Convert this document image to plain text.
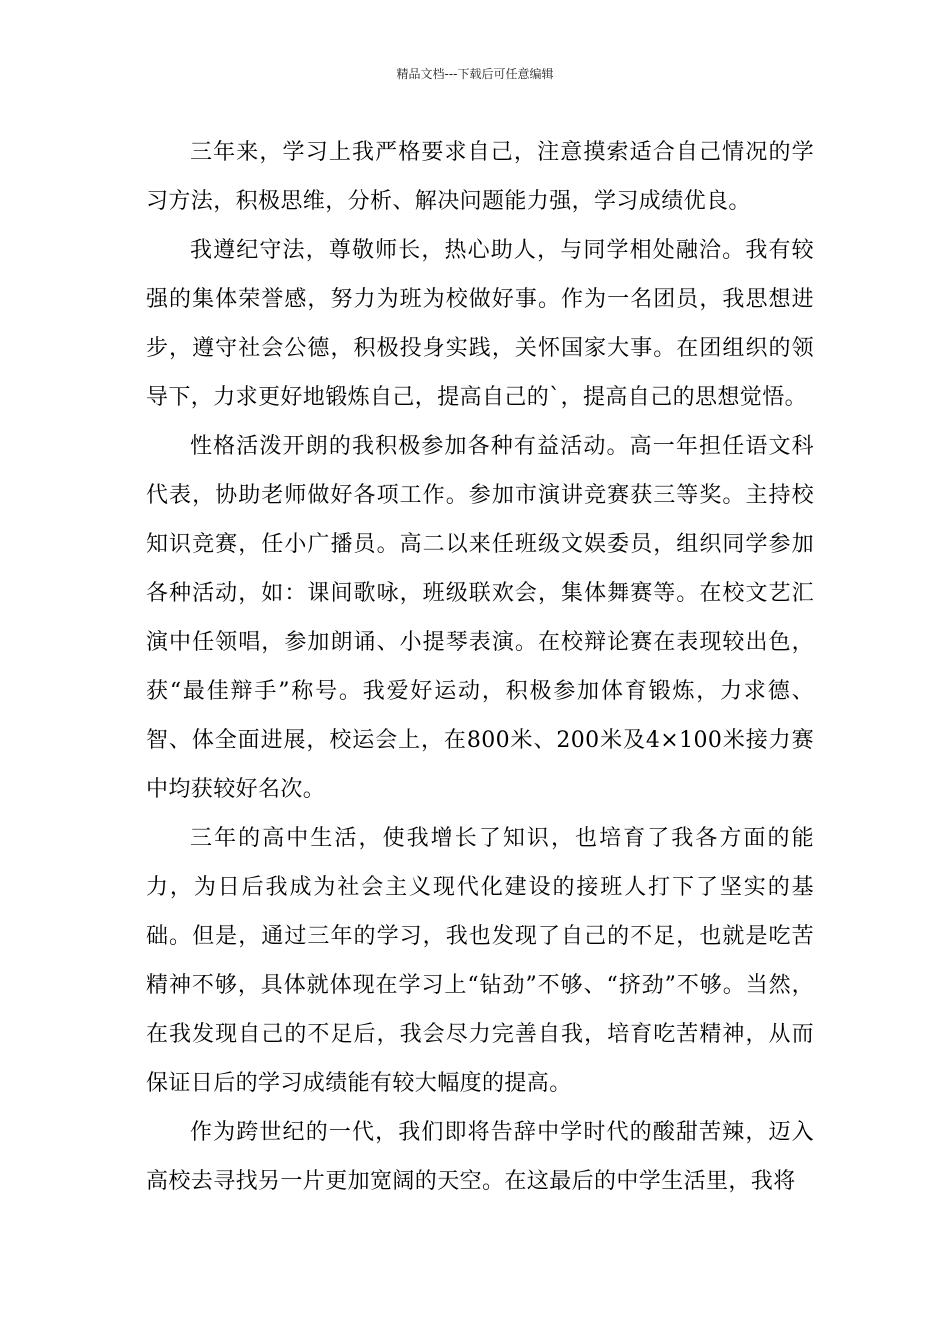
精品文档---下载后可任意编辑

三年来，学习上我严格要求自己，注意摸索适合自己情况的学习方法，积极思维，分析、解决问题能力强，学习成绩优良。

我遵纪守法，尊敬师长，热心助人，与同学相处融洽。我有较强的集体荣誉感，努力为班为校做好事。作为一名团员，我思想进步，遵守社会公德，积极投身实践，关怀国家大事。在团组织的领导下，力求更好地锻炼自己，提高自己的`，提高自己的思想觉悟。

性格活泼开朗的我积极参加各种有益活动。高一年担任语文科代表，协助老师做好各项工作。参加市演讲竞赛获三等奖。主持校知识竞赛，任小广播员。高二以来任班级文娱委员，组织同学参加各种活动，如：课间歌咏，班级联欢会，集体舞赛等。在校文艺汇演中任领唱，参加朗诵、小提琴表演。在校辩论赛在表现较出色，获“最佳辩手”称号。我爱好运动，积极参加体育锻炼，力求德、智、体全面进展，校运会上，在800米、200米及4×100米接力赛中均获较好名次。

三年的高中生活，使我增长了知识，也培育了我各方面的能力，为日后我成为社会主义现代化建设的接班人打下了坚实的基础。但是，通过三年的学习，我也发现了自己的不足，也就是吃苦精神不够，具体就体现在学习上“钻劲”不够、“挤劲”不够。当然，在我发现自己的不足后，我会尽力完善自我，培育吃苦精神，从而保证日后的学习成绩能有较大幅度的提高。

作为跨世纪的一代，我们即将告辞中学时代的酸甜苦辣，迈入高校去寻找另一片更加宽阔的天空。在这最后的中学生活里，我将
